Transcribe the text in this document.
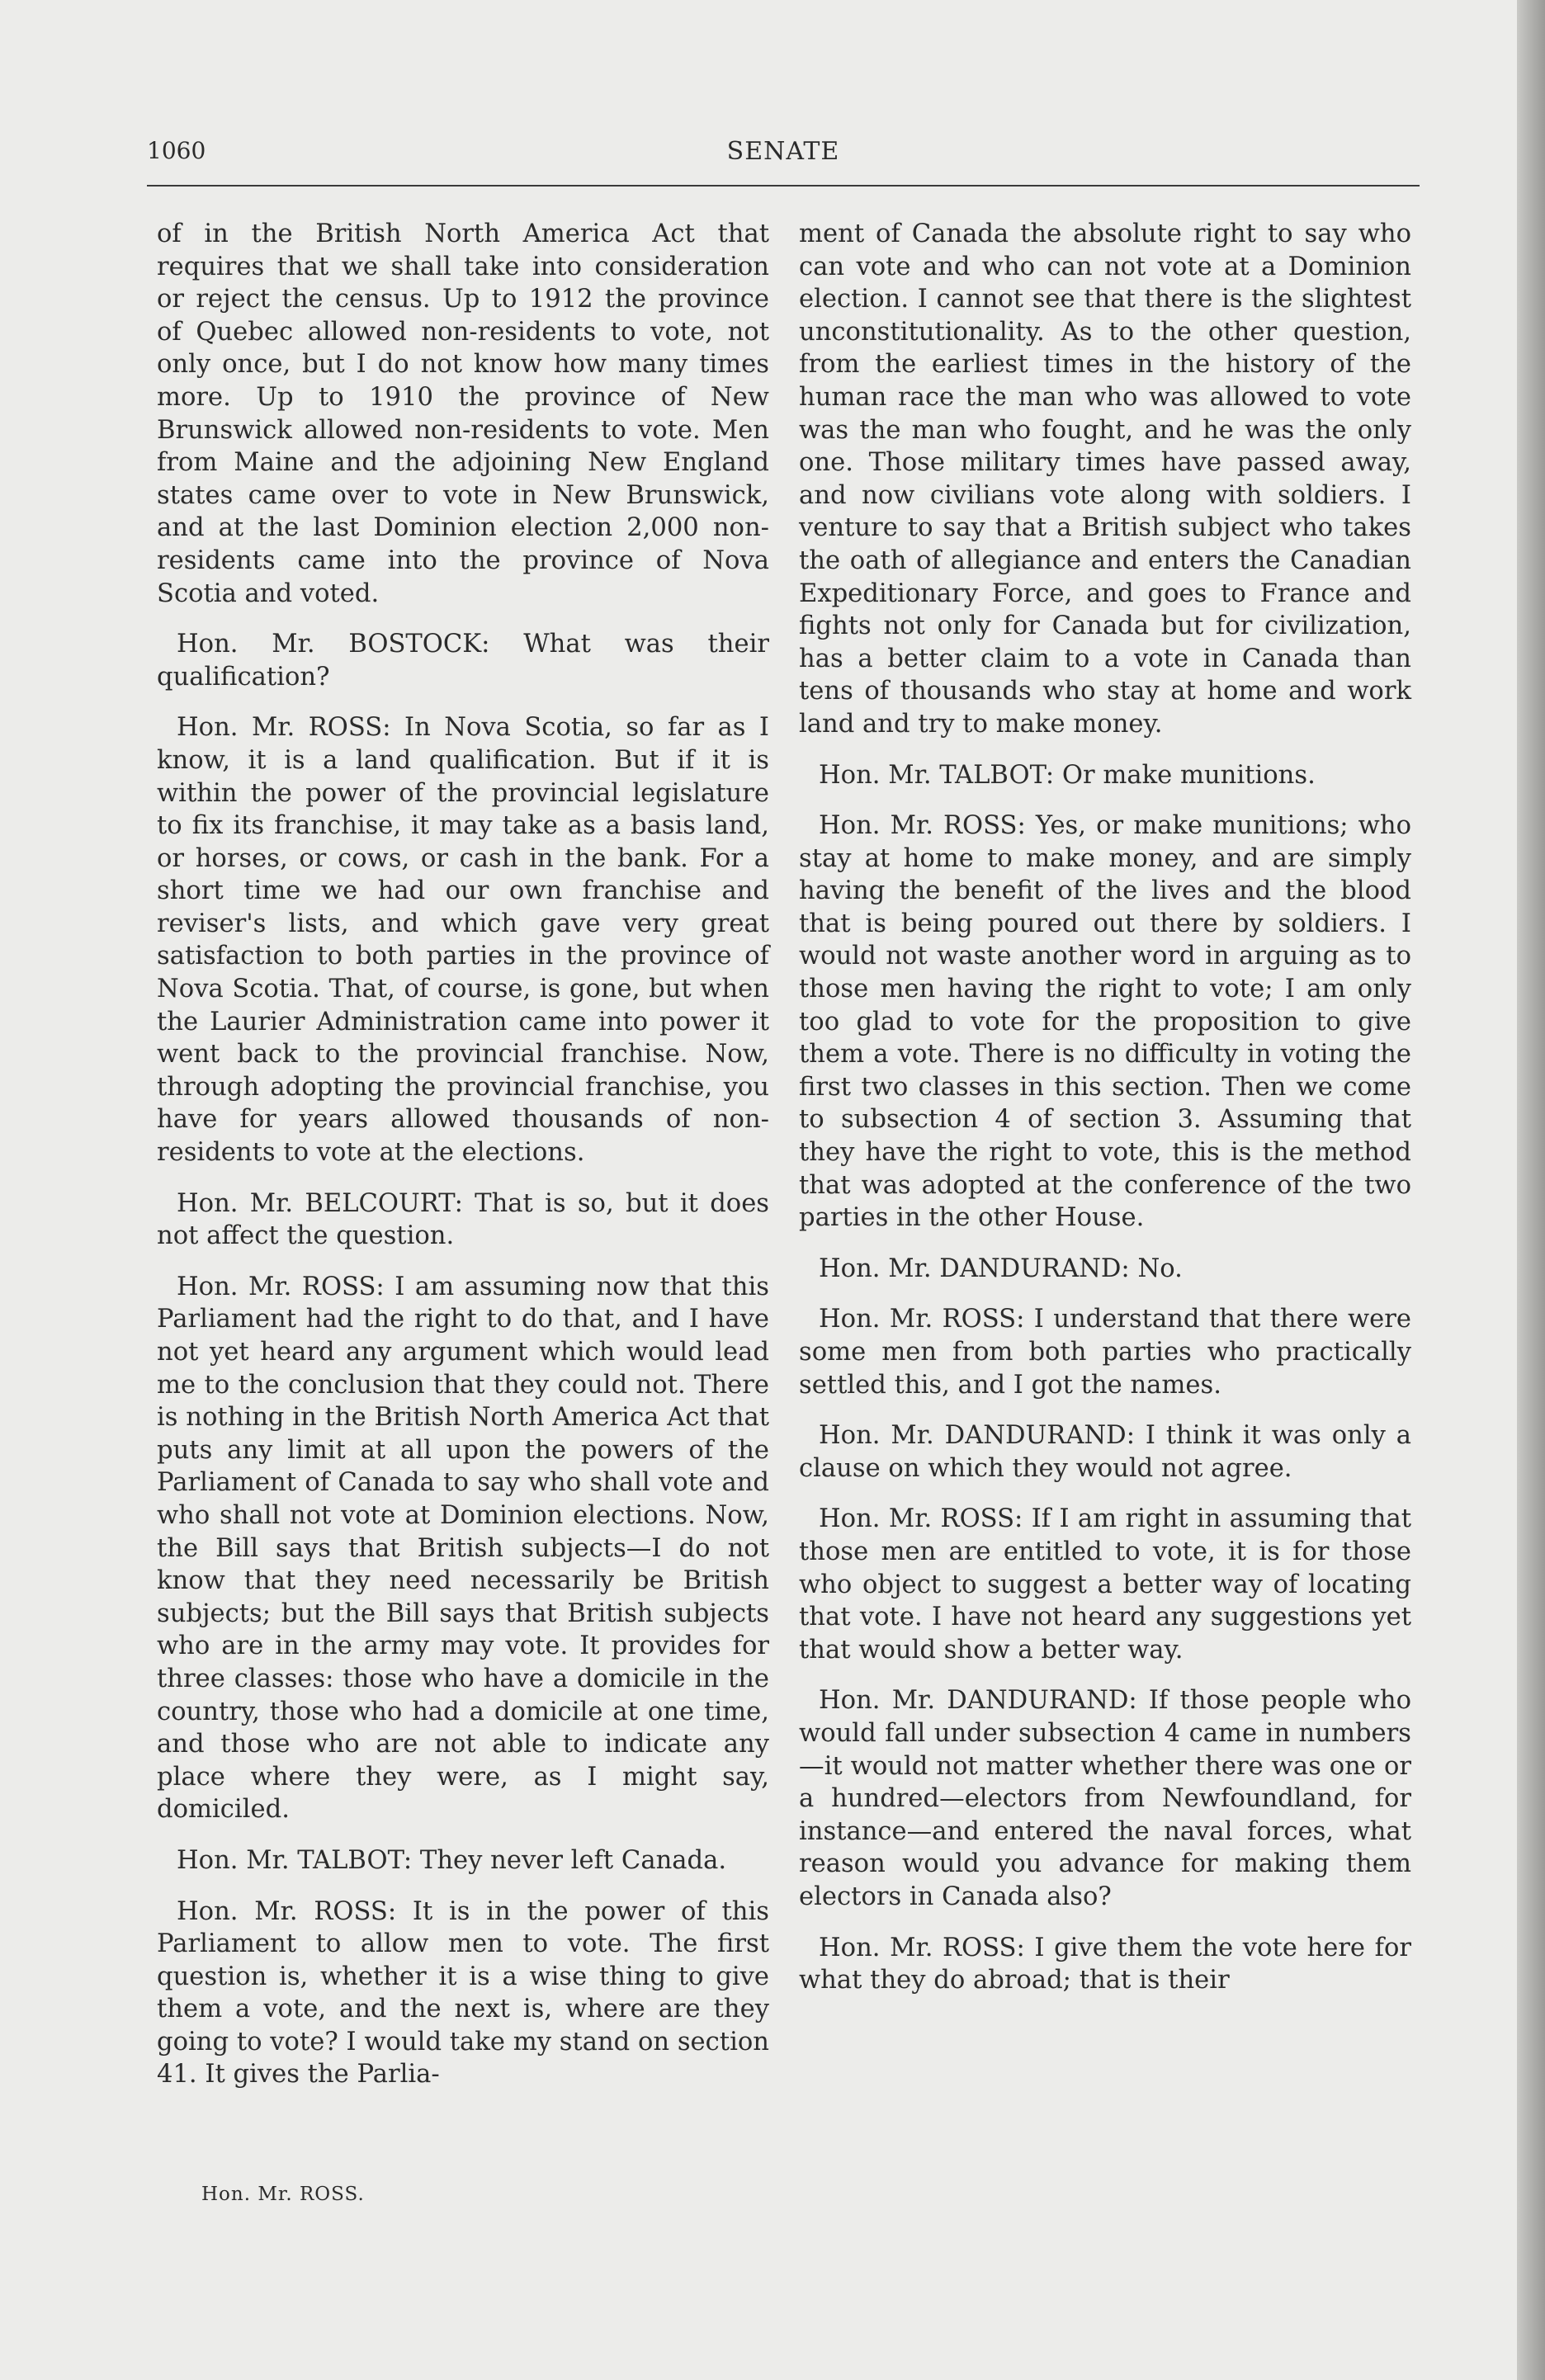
1060	SENATE

of in the British North America Act that requires that we shall take into consideration or reject the census. Up to 1912 the province of Quebec allowed non-residents to vote, not only once, but I do not know how many times more. Up to 1910 the province of New Brunswick allowed non-residents to vote. Men from Maine and the adjoining New England states came over to vote in New Brunswick, and at the last Dominion election 2,000 non-residents came into the province of Nova Scotia and voted.

Hon. Mr. BOSTOCK: What was their qualification?

Hon. Mr. ROSS: In Nova Scotia, so far as I know, it is a land qualification. But if it is within the power of the provincial legislature to fix its franchise, it may take as a basis land, or horses, or cows, or cash in the bank. For a short time we had our own franchise and reviser's lists, and which gave very great satisfaction to both parties in the province of Nova Scotia. That, of course, is gone, but when the Laurier Administration came into power it went back to the provincial franchise. Now, through adopting the provincial franchise, you have for years allowed thousands of non-residents to vote at the elections.

Hon. Mr. BELCOURT: That is so, but it does not affect the question.

Hon. Mr. ROSS: I am assuming now that this Parliament had the right to do that, and I have not yet heard any argument which would lead me to the conclusion that they could not. There is nothing in the British North America Act that puts any limit at all upon the powers of the Parliament of Canada to say who shall vote and who shall not vote at Dominion elections. Now, the Bill says that British subjects—I do not know that they need necessarily be British subjects; but the Bill says that British subjects who are in the army may vote. It provides for three classes: those who have a domicile in the country, those who had a domicile at one time, and those who are not able to indicate any place where they were, as I might say, domiciled.

Hon. Mr. TALBOT: They never left Canada.

Hon. Mr. ROSS: It is in the power of this Parliament to allow men to vote. The first question is, whether it is a wise thing to give them a vote, and the next is, where are they going to vote? I would take my stand on section 41. It gives the Parlia-

ment of Canada the absolute right to say who can vote and who can not vote at a Dominion election. I cannot see that there is the slightest unconstitutionality. As to the other question, from the earliest times in the history of the human race the man who was allowed to vote was the man who fought, and he was the only one. Those military times have passed away, and now civilians vote along with soldiers. I venture to say that a British subject who takes the oath of allegiance and enters the Canadian Expeditionary Force, and goes to France and fights not only for Canada but for civilization, has a better claim to a vote in Canada than tens of thousands who stay at home and work land and try to make money.

Hon. Mr. TALBOT: Or make munitions.

Hon. Mr. ROSS: Yes, or make munitions; who stay at home to make money, and are simply having the benefit of the lives and the blood that is being poured out there by soldiers. I would not waste another word in arguing as to those men having the right to vote; I am only too glad to vote for the proposition to give them a vote. There is no difficulty in voting the first two classes in this section. Then we come to subsection 4 of section 3. Assuming that they have the right to vote, this is the method that was adopted at the conference of the two parties in the other House.

Hon. Mr. DANDURAND: No.

Hon. Mr. ROSS: I understand that there were some men from both parties who practically settled this, and I got the names.

Hon. Mr. DANDURAND: I think it was only a clause on which they would not agree.

Hon. Mr. ROSS: If I am right in assuming that those men are entitled to vote, it is for those who object to suggest a better way of locating that vote. I have not heard any suggestions yet that would show a better way.

Hon. Mr. DANDURAND: If those people who would fall under subsection 4 came in numbers—it would not matter whether there was one or a hundred—electors from Newfoundland, for instance—and entered the naval forces, what reason would you advance for making them electors in Canada also?

Hon. Mr. ROSS: I give them the vote here for what they do abroad; that is their

Hon. Mr. ROSS.
